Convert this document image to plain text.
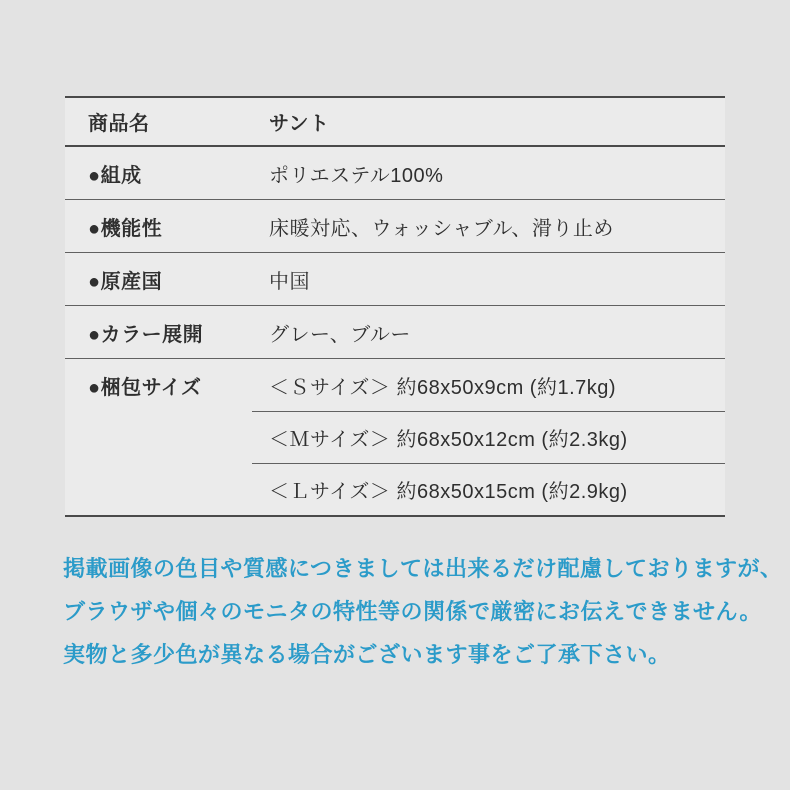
商品名	サント
●組成	ポリエステル100%
●機能性	床暖対応、ウォッシャブル、滑り止め
●原産国	中国
●カラー展開	グレー、ブルー
●梱包サイズ	＜Ｓサイズ＞ 約68x50x9cm (約1.7kg)
＜Ｍサイズ＞ 約68x50x12cm (約2.3kg)
＜Ｌサイズ＞ 約68x50x15cm (約2.9kg)

掲載画像の色目や質感につきましては出来るだけ配慮しておりますが、

ブラウザや個々のモニタの特性等の関係で厳密にお伝えできません。

実物と多少色が異なる場合がございます事をご了承下さい。
